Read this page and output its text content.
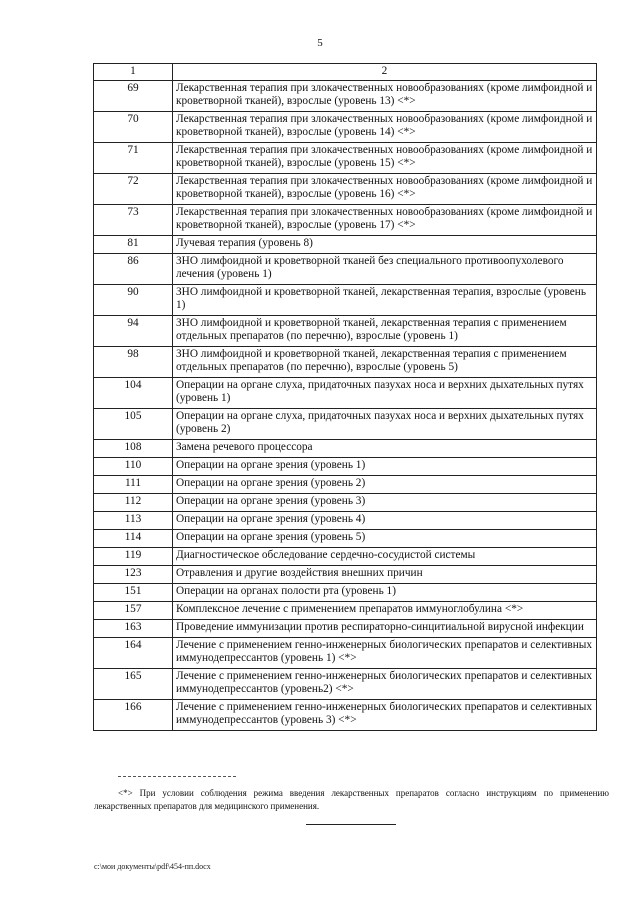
5
1	2
69	Лекарственная терапия при злокачественных новообразованиях (кроме лимфоидной и кроветворной тканей), взрослые (уровень 13) <*>
70	Лекарственная терапия при злокачественных новообразованиях (кроме лимфоидной и кроветворной тканей), взрослые (уровень 14) <*>
71	Лекарственная терапия при злокачественных новообразованиях (кроме лимфоидной и кроветворной тканей), взрослые (уровень 15) <*>
72	Лекарственная терапия при злокачественных новообразованиях (кроме лимфоидной и кроветворной тканей), взрослые (уровень 16) <*>
73	Лекарственная терапия при злокачественных новообразованиях (кроме лимфоидной и кроветворной тканей), взрослые (уровень 17) <*>
81	Лучевая терапия (уровень 8)
86	ЗНО лимфоидной и кроветворной тканей без специального противоопухолевого лечения (уровень 1)
90	ЗНО лимфоидной и кроветворной тканей, лекарственная терапия, взрослые (уровень 1)
94	ЗНО лимфоидной и кроветворной тканей, лекарственная терапия с применением отдельных препаратов (по перечню), взрослые (уровень 1)
98	ЗНО лимфоидной и кроветворной тканей, лекарственная терапия с применением отдельных препаратов (по перечню), взрослые (уровень 5)
104	Операции на органе слуха, придаточных пазухах носа и верхних дыхательных путях (уровень 1)
105	Операции на органе слуха, придаточных пазухах носа и верхних дыхательных путях (уровень 2)
108	Замена речевого процессора
110	Операции на органе зрения (уровень 1)
111	Операции на органе зрения (уровень 2)
112	Операции на органе зрения (уровень 3)
113	Операции на органе зрения (уровень 4)
114	Операции на органе зрения (уровень 5)
119	Диагностическое обследование сердечно-сосудистой системы
123	Отравления и другие воздействия внешних причин
151	Операции на органах полости рта (уровень 1)
157	Комплексное лечение с применением препаратов иммуноглобулина <*>
163	Проведение иммунизации против респираторно-синцитиальной вирусной инфекции
164	Лечение с применением генно-инженерных биологических препаратов и селективных иммунодепрессантов (уровень 1) <*>
165	Лечение с применением генно-инженерных биологических препаратов и селективных иммунодепрессантов (уровень2) <*>
166	Лечение с применением генно-инженерных биологических препаратов и селективных иммунодепрессантов (уровень 3) <*>
<*> При условии соблюдения режима введения лекарственных препаратов согласно инструкциям по применению лекарственных препаратов для медицинского применения.
c:\мои документы\pdf\454-пп.docx
